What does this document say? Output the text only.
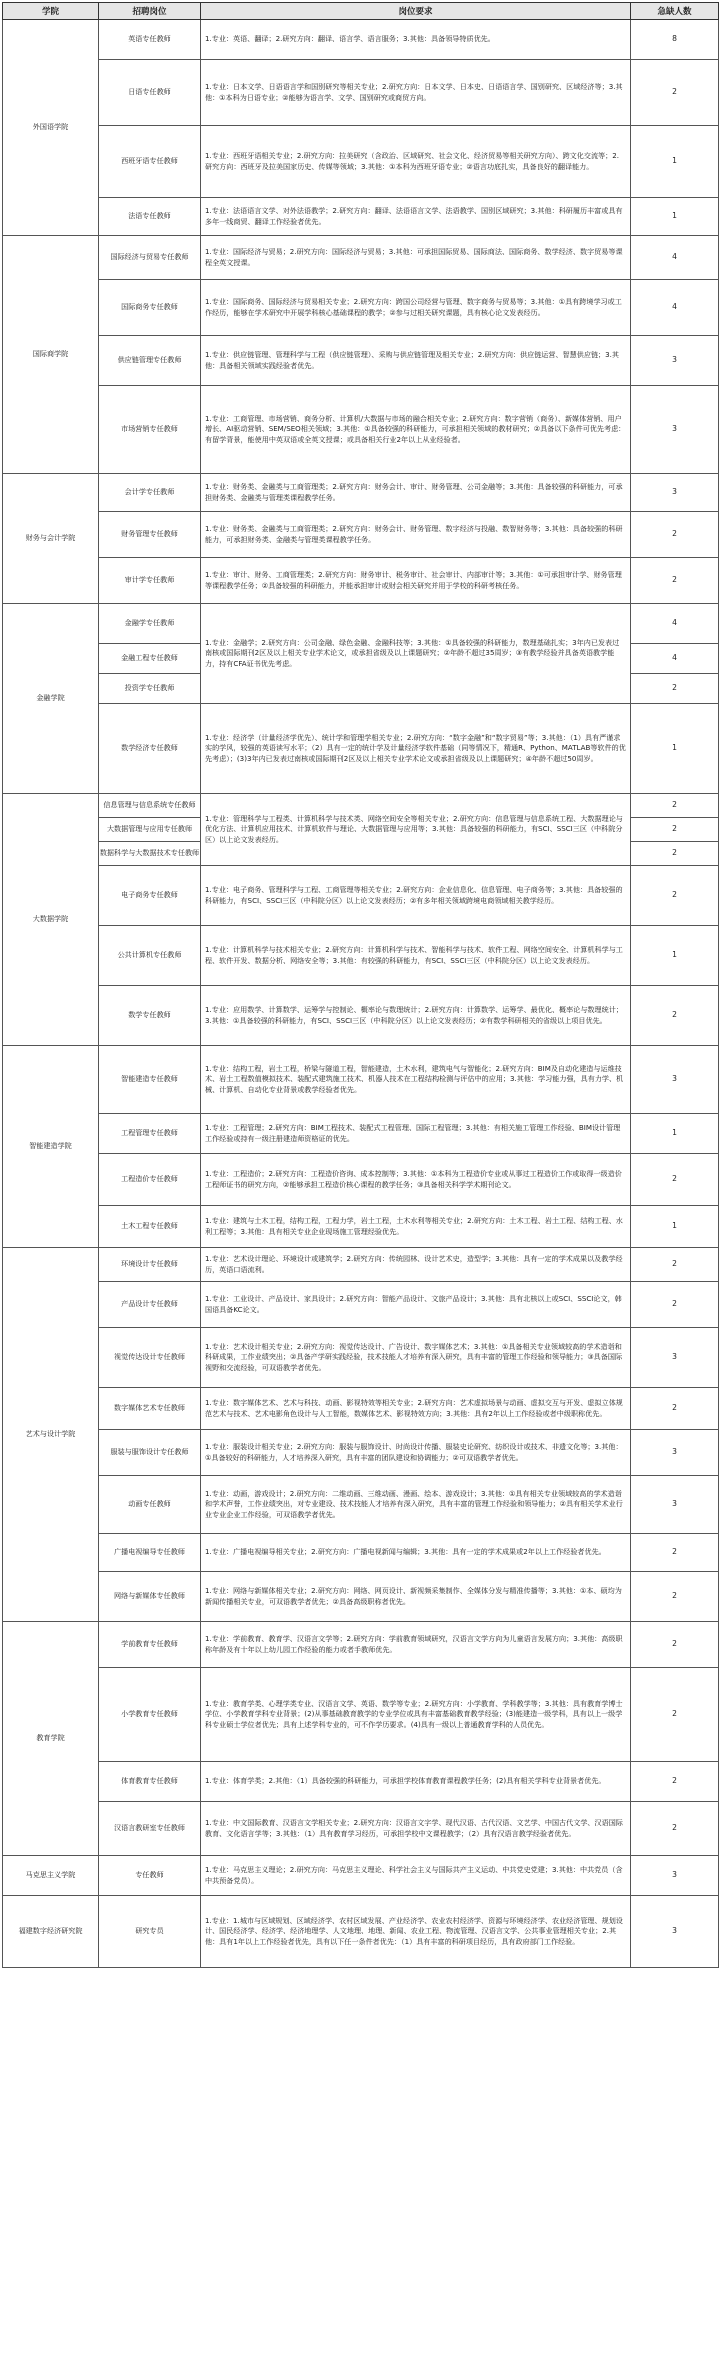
学院	招聘岗位	岗位要求	急缺人数
外国语学院	英语专任教师	1.专业：英语、翻译；2.研究方向：翻译、语言学、语言服务；3.其他：具备领导特质优先。	8
	日语专任教师	1.专业：日本文学、日语语言学和国别研究等相关专业；2.研究方向：日本文学、日本史、日语语言学、国别研究、区域经济等；3.其他：①本科为日语专业；②能够为语言学、文学、国别研究或商贸方向。	2
	西班牙语专任教师	1.专业：西班牙语相关专业；2.研究方向：拉美研究（含政治、区域研究、社会文化、经济贸易等相关研究方向）、跨文化交流等；2.研究方向：西班牙及拉美国家历史、传媒等领域；3.其他：①本科为西班牙语专业；②语言功底扎实，具备良好的翻译能力。	1
	法语专任教师	1.专业：法语语言文学、对外法语教学；2.研究方向：翻译、法语语言文学、法语教学、国别区域研究；3.其他：科研履历丰富或具有多年一线商贸、翻译工作经验者优先。	1
国际商学院	国际经济与贸易专任教师	1.专业：国际经济与贸易；2.研究方向：国际经济与贸易；3.其他：可承担国际贸易、国际商法、国际商务、数学经济、数字贸易等课程全英文授课。	4
	国际商务专任教师	1.专业：国际商务、国际经济与贸易相关专业；2.研究方向：跨国公司经营与管理、数字商务与贸易等；3.其他：①具有跨境学习或工作经历，能够在学术研究中开展学科核心基础课程的教学；②参与过相关研究课题，具有核心论文发表经历。	4
	供应链管理专任教师	1.专业：供应链管理、管理科学与工程（供应链管理）、采购与供应链管理及相关专业；2.研究方向：供应链运营、智慧供应链；3.其他：具备相关领域实践经验者优先。	3
	市场营销专任教师	1.专业：工商管理、市场营销、商务分析、计算机/大数据与市场的融合相关专业；2.研究方向：数字营销（商务）、新媒体营销、用户增长、AI驱动营销、SEM/SEO相关领域；3.其他：①具备较强的科研能力，可承担相关领域的教材研究；②具备以下条件可优先考虑：有留学背景，能使用中英双语或全英文授课；或具备相关行业2年以上从业经验者。	3
财务与会计学院	会计学专任教师	1.专业：财务类、金融类与工商管理类；2.研究方向：财务会计、审计、财务管理、公司金融等；3.其他：具备较强的科研能力，可承担财务类、金融类与管理类课程教学任务。	3
	财务管理专任教师	1.专业：财务类、金融类与工商管理类；2.研究方向：财务会计、财务管理、数字经济与投融、数智财务等；3.其他：具备较强的科研能力，可承担财务类、金融类与管理类课程教学任务。	2
	审计学专任教师	1.专业：审计、财务、工商管理类；2.研究方向：财务审计、税务审计、社会审计、内部审计等；3.其他：①可承担审计学、财务管理等课程教学任务；②具备较强的科研能力，并能承担审计或财会相关研究并用于学校的科研考核任务。	2
金融学院	金融学专任教师	1.专业：金融学；2.研究方向：公司金融、绿色金融、金融科技等；3.其他：①具备较强的科研能力，数理基础扎实；3年内已发表过南核或国际期刊2区及以上相关专业学术论文，或承担省级及以上课题研究；②年龄不超过35周岁；③有教学经验并具备英语教学能力，持有CFA证书优先考虑。	4
	金融工程专任教师		4
	投资学专任教师		2
	数学经济专任教师	1.专业：经济学（计量经济学优先）、统计学和管理学相关专业；2.研究方向：“数字金融”和“数字贸易”等；3.其他：（1）具有严谨求实的学风，较强的英语读写水平；（2）具有一定的统计学及计量经济学软件基础（同等情况下，精通R、Python、MATLAB等软件的优先考虑）；(3)3年内已发表过南核或国际期刊2区及以上相关专业学术论文或承担省级及以上课题研究；④年龄不超过50周岁。	1
大数据学院	信息管理与信息系统专任教师	1.专业：管理科学与工程类、计算机科学与技术类、网络空间安全等相关专业；2.研究方向：信息管理与信息系统工程、大数据理论与优化方法、计算机应用技术、计算机软件与理论、大数据管理与应用等；3.其他：具备较强的科研能力，有SCI、SSCI三区（中科院分区）以上论文发表经历。	2
	大数据管理与应用专任教师		2
	数据科学与大数据技术专任教师		2
	电子商务专任教师	1.专业：电子商务、管理科学与工程、工商管理等相关专业；2.研究方向：企业信息化、信息管理、电子商务等；3.其他：具备较强的科研能力，有SCI、SSCI三区（中科院分区）以上论文发表经历；②有多年相关领域跨境电商领域相关教学经历。	2
	公共计算机专任教师	1.专业：计算机科学与技术相关专业；2.研究方向：计算机科学与技术、智能科学与技术、软件工程、网络空间安全、计算机科学与工程、软件开发、数据分析、网络安全等；3.其他：有较强的科研能力，有SCI、SSCI三区（中科院分区）以上论文发表经历。	1
	数学专任教师	1.专业：应用数学、计算数学、运筹学与控制论、概率论与数理统计；2.研究方向：计算数学、运筹学、最优化、概率论与数理统计；3.其他：①具备较强的科研能力，有SCI、SSCI三区（中科院分区）以上论文发表经历；②有数学科研相关的省级以上项目优先。	2
智能建造学院	智能建造专任教师	1.专业：结构工程，岩土工程，桥梁与隧道工程，智能建造，土木水利，建筑电气与智能化；2.研究方向：BIM及自动化建造与运维技术、岩土工程数值模拟技术、装配式建筑施工技术、机器人技术在工程结构检测与评估中的应用；3.其他：学习能力强，具有力学、机械、计算机、自动化专业背景或教学经验者优先。	3
	工程管理专任教师	1.专业：工程管理；2.研究方向：BIM工程技术、装配式工程管理、国际工程管理；3.其他：有相关施工管理工作经验、BIM设计管理工作经验或持有一级注册建造师资格证的优先。	1
	工程造价专任教师	1.专业：工程造价；2.研究方向：工程造价咨询、成本控制等；3.其他：①本科为工程造价专业或从事过工程造价工作或取得一级造价工程师证书的研究方向，②能够承担工程造价核心课程的教学任务；③具备相关科学学术期刊论文。	2
	土木工程专任教师	1.专业：建筑与土木工程，结构工程，工程力学，岩土工程，土木水利等相关专业；2.研究方向：土木工程、岩土工程、结构工程、水利工程等；3.其他：具有相关专业企业现场施工管理经验优先。	1
艺术与设计学院	环境设计专任教师	1.专业：艺术设计理论、环境设计或建筑学；2.研究方向：传统园林、设计艺术史，造型学；3.其他：具有一定的学术成果以及教学经历，英语口语流利。	2
	产品设计专任教师	1.专业：工业设计、产品设计、家具设计；2.研究方向：智能产品设计、文旅产品设计；3.其他：具有北核以上或SCI、SSCI论文，韩国语具备KC论文。	2
	视觉传达设计专任教师	1.专业：艺术设计相关专业；2.研究方向：视觉传达设计、广告设计、数字媒体艺术；3.其他：①具备相关专业领域较高的学术造诣和科研成果，工作业绩突出；②具备产学研实践经验，技术技能人才培养有深入研究，具有丰富的管理工作经验和领导能力；③具备国际视野和交流经验，可双语教学者优先。	3
	数字媒体艺术专任教师	1.专业：数字媒体艺术、艺术与科技、动画、影视特效等相关专业；2.研究方向：艺术虚拟场景与动画、虚拟交互与开发、虚拟立体规范艺术与技术、艺术电影角色设计与人工智能，数媒体艺术、影视特效方向；3.其他：具有2年以上工作经验或者中级职称优先。	2
	服装与服饰设计专任教师	1.专业：服装设计相关专业；2.研究方向：服装与服饰设计、时尚设计传播、服装史论研究、纺织设计或技术、非遗文化等；3.其他：①具备较好的科研能力，人才培养深入研究，具有丰富的团队建设和协调能力；②可双语教学者优先。	3
	动画专任教师	1.专业：动画，游戏设计；2.研究方向：二维动画、三维动画、漫画、绘本、游戏设计；3.其他：①具有相关专业领域较高的学术造诣和学术声誉，工作业绩突出，对专业建设、技术技能人才培养有深入研究，具有丰富的管理工作经验和领导能力；②具有相关学术业行业专业企业工作经验，可双语教学者优先。	3
	广播电视编导专任教师	1.专业：广播电视编导相关专业；2.研究方向：广播电视新闻与编辑；3.其他：具有一定的学术成果或2年以上工作经验者优先。	2
	网络与新媒体专任教师	1.专业：网络与新媒体相关专业；2.研究方向：网络、网页设计、新视频采集制作、全媒体分发与精准传播等；3.其他：①本、硕均为新闻传播相关专业，可双语教学者优先；②具备高级职称者优先。	2
教育学院	学前教育专任教师	1.专业：学前教育、教育学、汉语言文学等；2.研究方向：学前教育领域研究，汉语言文学方向为儿童语言发展方向；3.其他：高级职称年龄及有十年以上幼儿园工作经验的能力或者手教师优先。	2
	小学教育专任教师	1.专业：教育学类、心理学类专业、汉语言文学、英语、数学等专业；2.研究方向：小学教育、学科教学等；3.其他：具有教育学博士学位、小学教育学科专业背景；(2)从事基础教育教学的专业学位或具有丰富基础教育教学经验；(3)能建造一级学科，具有以上一级学科专业硕士学位者优先；具有上述学科专业的，可不作学历要求。(4)具有一级以上普通教育学科的人员优先。	2
	体育教育专任教师	1.专业：体育学类；2.其他：（1）具备较强的科研能力，可承担学校体育教育课程教学任务；(2)具有相关学科专业背景者优先。	2
	汉语言教研室专任教师	1.专业：中文国际教育、汉语言文学相关专业；2.研究方向：汉语言文字学、现代汉语、古代汉语、文艺学、中国古代文学、汉语国际教育、文化语言学等；3.其他：（1）具有教育学习经历，可承担学校中文课程教学；（2）具有汉语言教学经验者优先。	2
马克思主义学院	专任教师	1.专业：马克思主义理论；2.研究方向：马克思主义理论、科学社会主义与国际共产主义运动、中共党史党建；3.其他：中共党员（含中共预备党员）。	3
福建数字经济研究院	研究专员	1.专业：1.城市与区域规划、区域经济学、农村区域发展、产业经济学、农业农村经济学、资源与环境经济学、农业经济管理、规划设计、国民经济学、经济学、经济地理学、人文地理、地理、新闻、农业工程、物流管理、汉语言文学、公共事业管理相关专业；2.其他：具有1年以上工作经验者优先，具有以下任一条件者优先：（1）具有丰富的科研项目经历，具有政府部门工作经验。	3
